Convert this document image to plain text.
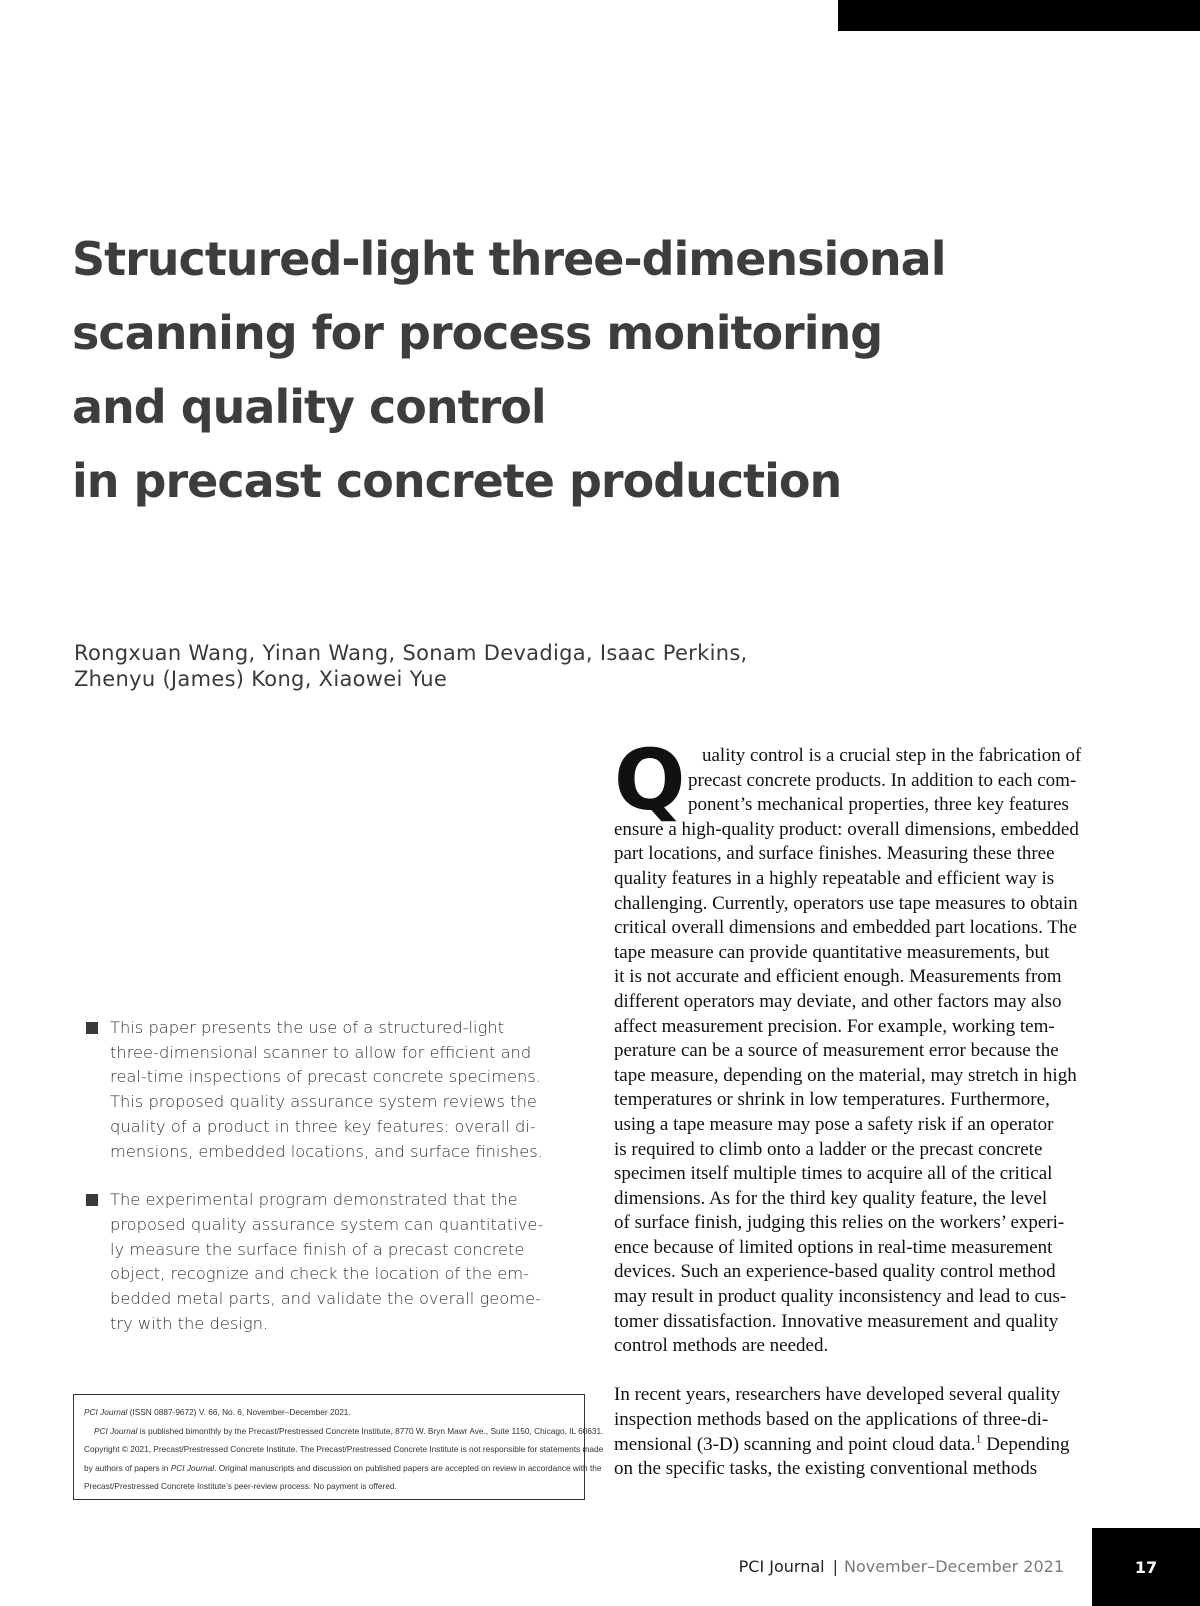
Structured-light three-dimensional
scanning for process monitoring
and quality control
in precast concrete production
Rongxuan Wang, Yinan Wang, Sonam Devadiga, Isaac Perkins,
Zhenyu (James) Kong, Xiaowei Yue
This paper presents the use of a structured-light
three-dimensional scanner to allow for efficient and
real-time inspections of precast concrete specimens.
This proposed quality assurance system reviews the
quality of a product in three key features: overall di-
mensions, embedded locations, and surface finishes.
The experimental program demonstrated that the
proposed quality assurance system can quantitative-
ly measure the surface finish of a precast concrete
object, recognize and check the location of the em-
bedded metal parts, and validate the overall geome-
try with the design.
PCI Journal (ISSN 0887-9672) V. 66, No. 6, November–December 2021.
PCI Journal is published bimonthly by the Precast/Prestressed Concrete Institute, 8770 W. Bryn Mawr Ave., Suite 1150, Chicago, IL 60631.
Copyright © 2021, Precast/Prestressed Concrete Institute. The Precast/Prestressed Concrete Institute is not responsible for statements made
by authors of papers in PCI Journal. Original manuscripts and discussion on published papers are accepted on review in accordance with the
Precast/Prestressed Concrete Institute’s peer-review process. No payment is offered.
Q uality control is a crucial step in the fabrication of
precast concrete products. In addition to each com-
ponent’s mechanical properties, three key features
ensure a high-quality product: overall dimensions, embedded
part locations, and surface finishes. Measuring these three
quality features in a highly repeatable and efficient way is
challenging. Currently, operators use tape measures to obtain
critical overall dimensions and embedded part locations. The
tape measure can provide quantitative measurements, but
it is not accurate and efficient enough. Measurements from
different operators may deviate, and other factors may also
affect measurement precision. For example, working tem-
perature can be a source of measurement error because the
tape measure, depending on the material, may stretch in high
temperatures or shrink in low temperatures. Furthermore,
using a tape measure may pose a safety risk if an operator
is required to climb onto a ladder or the precast concrete
specimen itself multiple times to acquire all of the critical
dimensions. As for the third key quality feature, the level
of surface finish, judging this relies on the workers’ experi-
ence because of limited options in real-time measurement
devices. Such an experience-based quality control method
may result in product quality inconsistency and lead to cus-
tomer dissatisfaction. Innovative measurement and quality
control methods are needed.
In recent years, researchers have developed several quality
inspection methods based on the applications of three-di-
mensional (3-D) scanning and point cloud data.$^1$ Depending
on the specific tasks, the existing conventional methods
PCI Journal | November–December 2021	17
